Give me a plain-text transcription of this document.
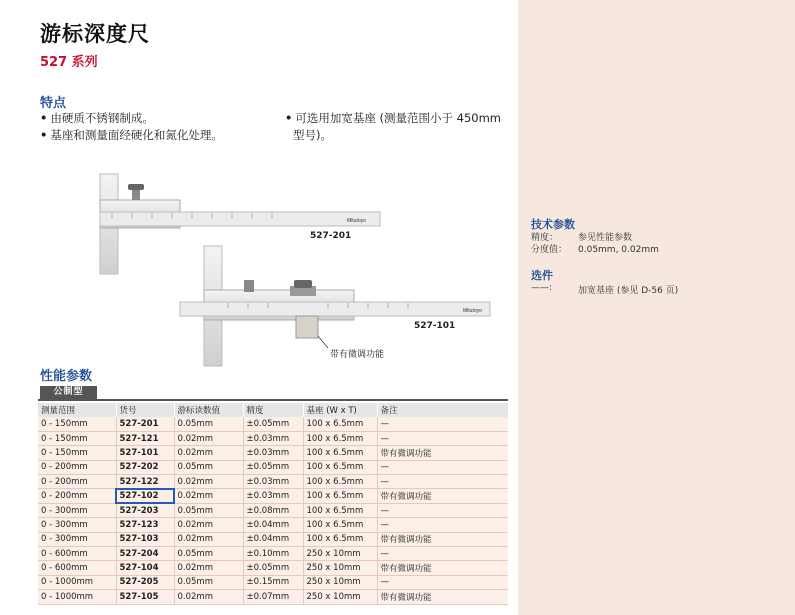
游标深度尺
527 系列
特点
• 由硬质不锈钢制成。
• 基座和测量面经硬化和氮化处理。
• 可选用加宽基座 (测量范围小于 450mm
型号)。
Mitutoyo
527-201
Mitutoyo
527-101
带有微调功能
技术参数
精度：	参见性能参数
分度值：	0.05mm, 0.02mm
选件
——:	加宽基座 (参见 D-56 页)
性能参数
公制型
测量范围	货号	游标读数值	精度	基座 (W x T)	备注
0 - 150mm	527-201	0.05mm	±0.05mm	100 x 6.5mm	—
0 - 150mm	527-121	0.02mm	±0.03mm	100 x 6.5mm	—
0 - 150mm	527-101	0.02mm	±0.03mm	100 x 6.5mm	带有微调功能
0 - 200mm	527-202	0.05mm	±0.05mm	100 x 6.5mm	—
0 - 200mm	527-122	0.02mm	±0.03mm	100 x 6.5mm	—
0 - 200mm	527-102	0.02mm	±0.03mm	100 x 6.5mm	带有微调功能
0 - 300mm	527-203	0.05mm	±0.08mm	100 x 6.5mm	—
0 - 300mm	527-123	0.02mm	±0.04mm	100 x 6.5mm	—
0 - 300mm	527-103	0.02mm	±0.04mm	100 x 6.5mm	带有微调功能
0 - 600mm	527-204	0.05mm	±0.10mm	250 x 10mm	—
0 - 600mm	527-104	0.02mm	±0.05mm	250 x 10mm	带有微调功能
0 - 1000mm	527-205	0.05mm	±0.15mm	250 x 10mm	—
0 - 1000mm	527-105	0.02mm	±0.07mm	250 x 10mm	带有微调功能
